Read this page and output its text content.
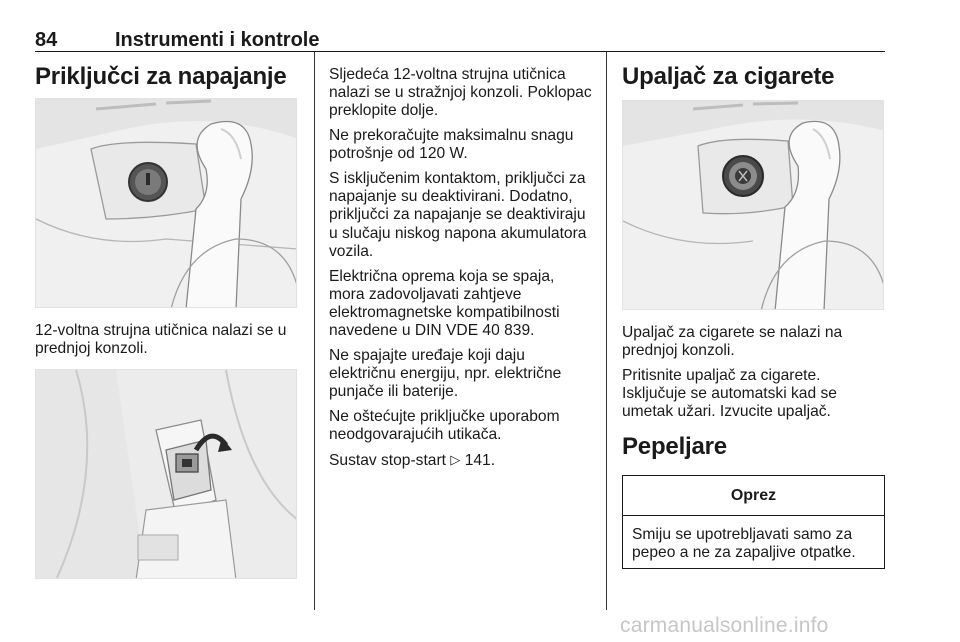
84	Instrumenti i kontrole
Priključci za napajanje

12-voltna strujna utičnica nalazi se u prednjoj konzoli.

Sljedeća 12-voltna strujna utičnica nalazi se u stražnjoj konzoli. Poklopac preklopite dolje.

Ne prekoračujte maksimalnu snagu potrošnje od 120 W.

S isključenim kontaktom, priključci za napajanje su deaktivirani. Dodatno, priključci za napajanje se deaktiviraju u slučaju niskog napona akumulatora vozila.

Električna oprema koja se spaja, mora zadovoljavati zahtjeve elektromagnetske kompatibilnosti navedene u DIN VDE 40 839.

Ne spajajte uređaje koji daju električnu energiju, npr. električne punjače ili baterije.

Ne oštećujte priključke uporabom neodgovarajućih utikača.

Sustav stop-start ▷ 141.

Upaljač za cigarete

Upaljač za cigarete se nalazi na prednjoj konzoli.

Pritisnite upaljač za cigarete. Isključuje se automatski kad se umetak užari. Izvucite upaljač.

Pepeljare
Oprez
Smiju se upotrebljavati samo za pepeo a ne za zapaljive otpatke.
carmanualsonline.info
